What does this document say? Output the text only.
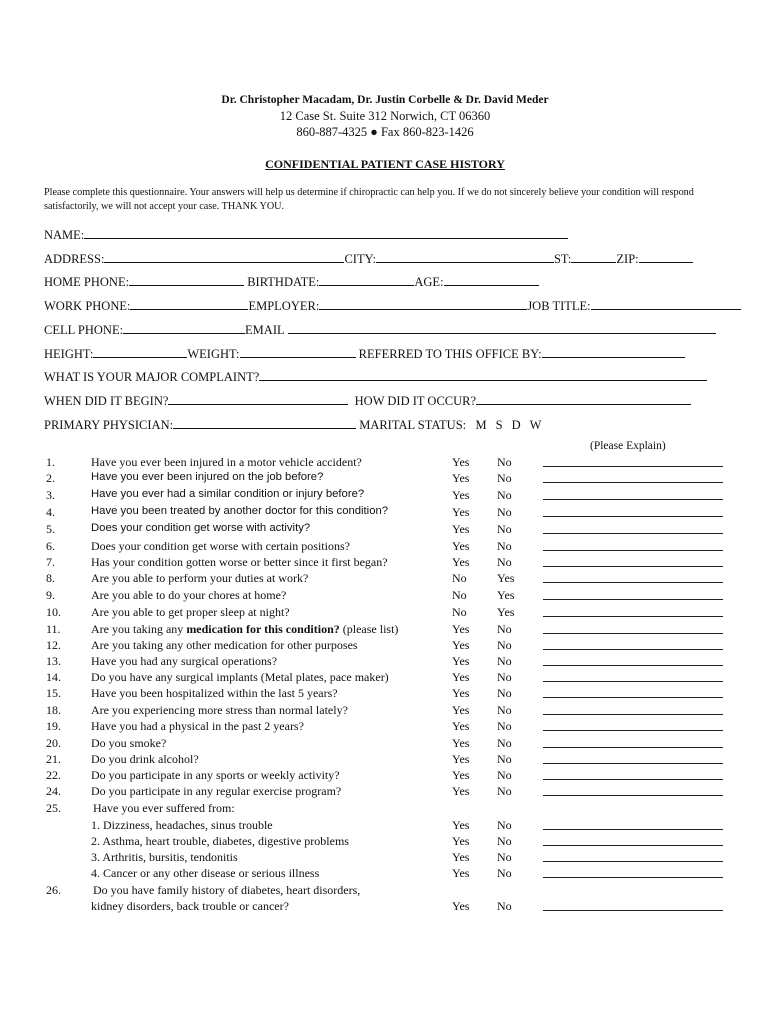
Dr. Christopher Macadam, Dr. Justin Corbelle & Dr. David Meder
12 Case St. Suite 312 Norwich, CT 06360
860-887-4325 ● Fax 860-823-1426
CONFIDENTIAL PATIENT CASE HISTORY
Please complete this questionnaire. Your answers will help us determine if chiropractic can help you. If we do not sincerely believe your condition will respond satisfactorily, we will not accept your case. THANK YOU.
NAME:
ADDRESS:	CITY:	ST:	ZIP:
HOME PHONE:	BIRTHDATE:	AGE:
WORK PHONE:	EMPLOYER:	JOB TITLE:
CELL PHONE:	EMAIL
HEIGHT:	WEIGHT:	REFERRED TO THIS OFFICE BY:
WHAT IS YOUR MAJOR COMPLAINT?
WHEN DID IT BEGIN?	HOW DID IT OCCUR?
PRIMARY PHYSICIAN:	MARITAL STATUS: M S D W
(Please Explain)
1.	Have you ever been injured in a motor vehicle accident?	Yes No
2.	Have you ever been injured on the job before?	Yes No
3.	Have you ever had a similar condition or injury before?	Yes No
4.	Have you been treated by another doctor for this condition?	Yes No
5.	Does your condition get worse with activity?	Yes No
6.	Does your condition get worse with certain positions?	Yes No
7.	Has your condition gotten worse or better since it first began?	Yes No
8.	Are you able to perform your duties at work?	No	Yes
9.	Are you able to do your chores at home?	No	Yes
10.	Are you able to get proper sleep at night?	No	Yes
11.	Are you taking any medication for this condition? (please list)	Yes No
12.	Are you taking any other medication for other purposes	Yes No
13.	Have you had any surgical operations?	Yes No
14.	Do you have any surgical implants (Metal plates, pace maker)	Yes No
15.	Have you been hospitalized within the last 5 years?	Yes No
18.	Are you experiencing more stress than normal lately?	Yes No
19.	Have you had a physical in the past 2 years?	Yes No
20.	Do you smoke?	Yes No
21.	Do you drink alcohol?	Yes No
22.	Do you participate in any sports or weekly activity?	Yes No
24.	Do you participate in any regular exercise program?	Yes No
25.	Have you ever suffered from:
1. Dizziness, headaches, sinus trouble	Yes No
2. Asthma, heart trouble, diabetes, digestive problems	Yes No
3. Arthritis, bursitis, tendonitis	Yes No
4. Cancer or any other disease or serious illness	Yes No
26.	Do you have family history of diabetes, heart disorders,
kidney disorders, back trouble or cancer?	Yes No
